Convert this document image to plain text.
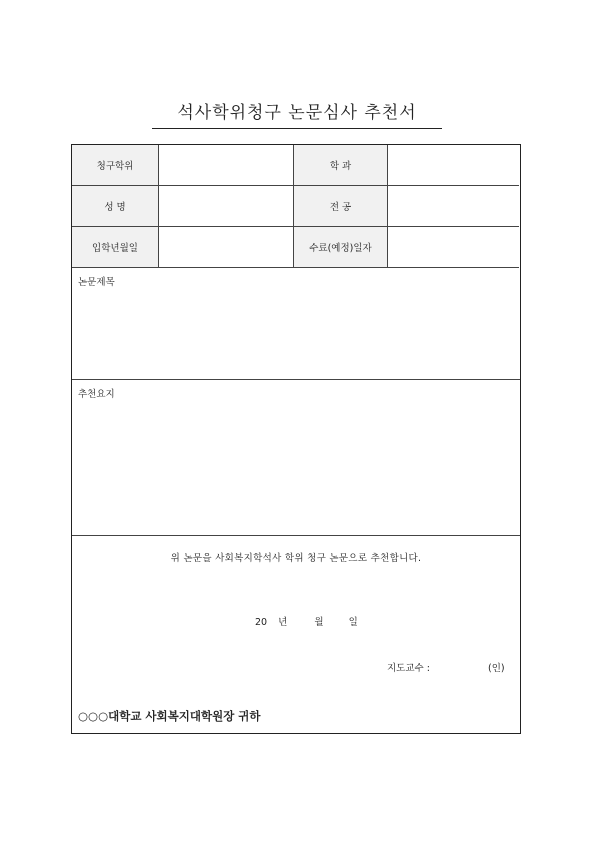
석사학위청구 논문심사 추천서
청구학위	학 과
성 명	전 공
입학년월일	수료(예정)일자
논문제목
추천요지
위 논문을 사회복지학석사 학위 청구 논문으로 추천합니다.
20 년	월	일
지도교수 :	(인)
○○○대학교 사회복지대학원장 귀하
